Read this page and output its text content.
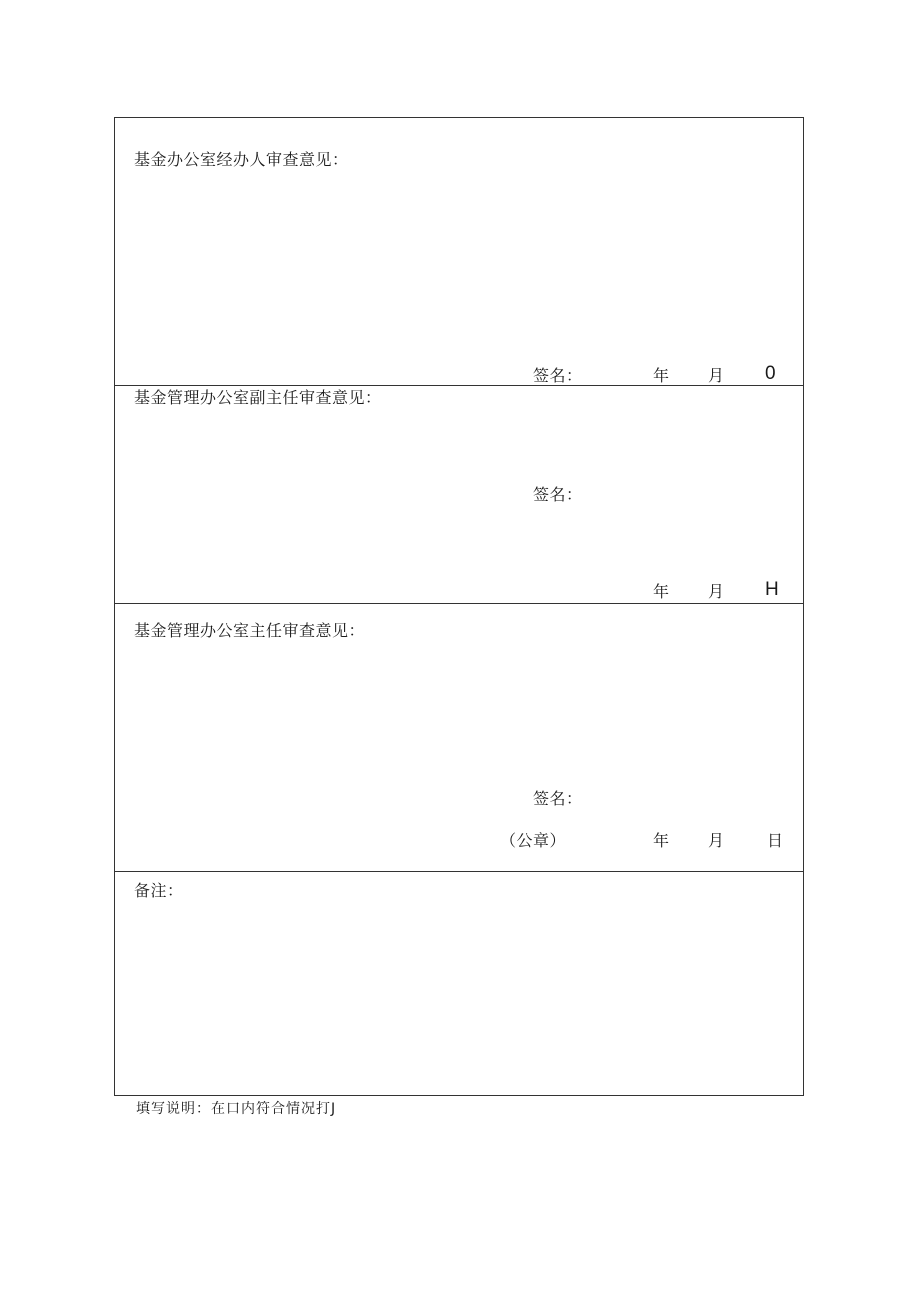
基金办公室经办人审查意见：
签名：	年 月 0
基金管理办公室副主任审查意见：
签名：
年 月 H
基金管理办公室主任审查意见：
签名：
（公章）	年 月	日
备注：
填写说明：在口内符合情况打J
